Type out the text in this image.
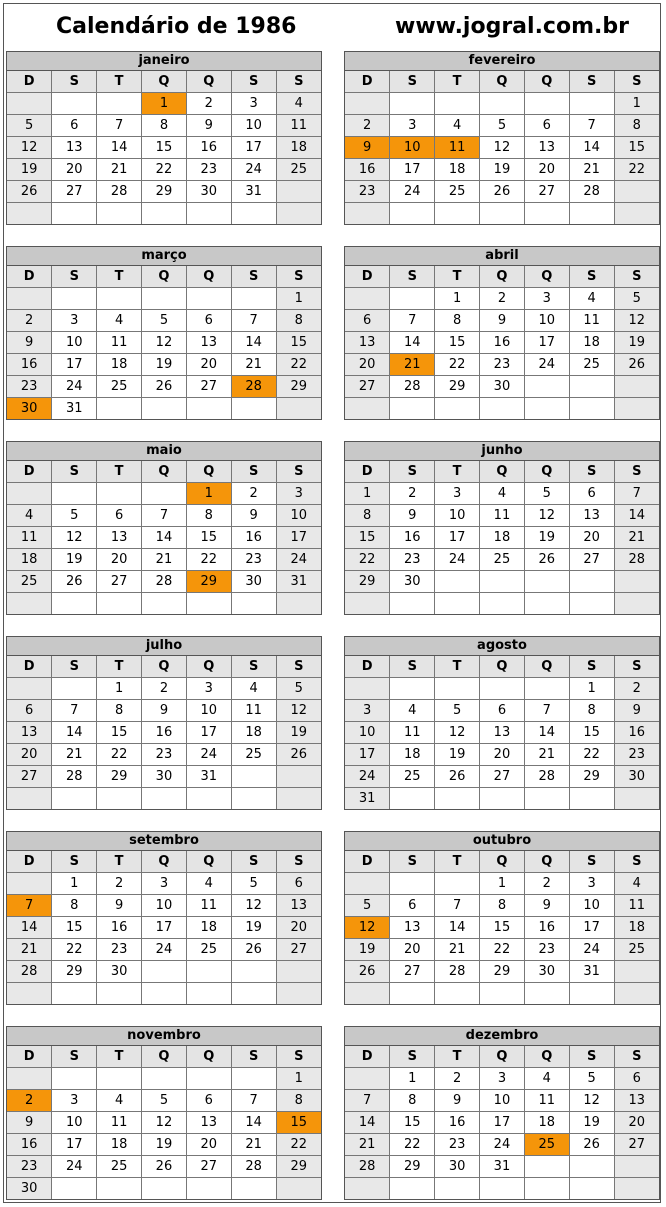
Calendário de 1986	www.jogral.com.br
janeiro
D	S	T	Q	Q	S	S
			1	2	3	4
5	6	7	8	9	10	11
12	13	14	15	16	17	18
19	20	21	22	23	24	25
26	27	28	29	30	31	

fevereiro
D	S	T	Q	Q	S	S
						1
2	3	4	5	6	7	8
9	10	11	12	13	14	15
16	17	18	19	20	21	22
23	24	25	26	27	28	

março
D	S	T	Q	Q	S	S
						1
2	3	4	5	6	7	8
9	10	11	12	13	14	15
16	17	18	19	20	21	22
23	24	25	26	27	28	29
30	31					
abril
D	S	T	Q	Q	S	S
		1	2	3	4	5
6	7	8	9	10	11	12
13	14	15	16	17	18	19
20	21	22	23	24	25	26
27	28	29	30			

maio
D	S	T	Q	Q	S	S
				1	2	3
4	5	6	7	8	9	10
11	12	13	14	15	16	17
18	19	20	21	22	23	24
25	26	27	28	29	30	31

junho
D	S	T	Q	Q	S	S
1	2	3	4	5	6	7
8	9	10	11	12	13	14
15	16	17	18	19	20	21
22	23	24	25	26	27	28
29	30					

julho
D	S	T	Q	Q	S	S
		1	2	3	4	5
6	7	8	9	10	11	12
13	14	15	16	17	18	19
20	21	22	23	24	25	26
27	28	29	30	31		

agosto
D	S	T	Q	Q	S	S
					1	2
3	4	5	6	7	8	9
10	11	12	13	14	15	16
17	18	19	20	21	22	23
24	25	26	27	28	29	30
31						
setembro
D	S	T	Q	Q	S	S
	1	2	3	4	5	6
7	8	9	10	11	12	13
14	15	16	17	18	19	20
21	22	23	24	25	26	27
28	29	30				

outubro
D	S	T	Q	Q	S	S
			1	2	3	4
5	6	7	8	9	10	11
12	13	14	15	16	17	18
19	20	21	22	23	24	25
26	27	28	29	30	31	

novembro
D	S	T	Q	Q	S	S
						1
2	3	4	5	6	7	8
9	10	11	12	13	14	15
16	17	18	19	20	21	22
23	24	25	26	27	28	29
30						
dezembro
D	S	T	Q	Q	S	S
	1	2	3	4	5	6
7	8	9	10	11	12	13
14	15	16	17	18	19	20
21	22	23	24	25	26	27
28	29	30	31			
